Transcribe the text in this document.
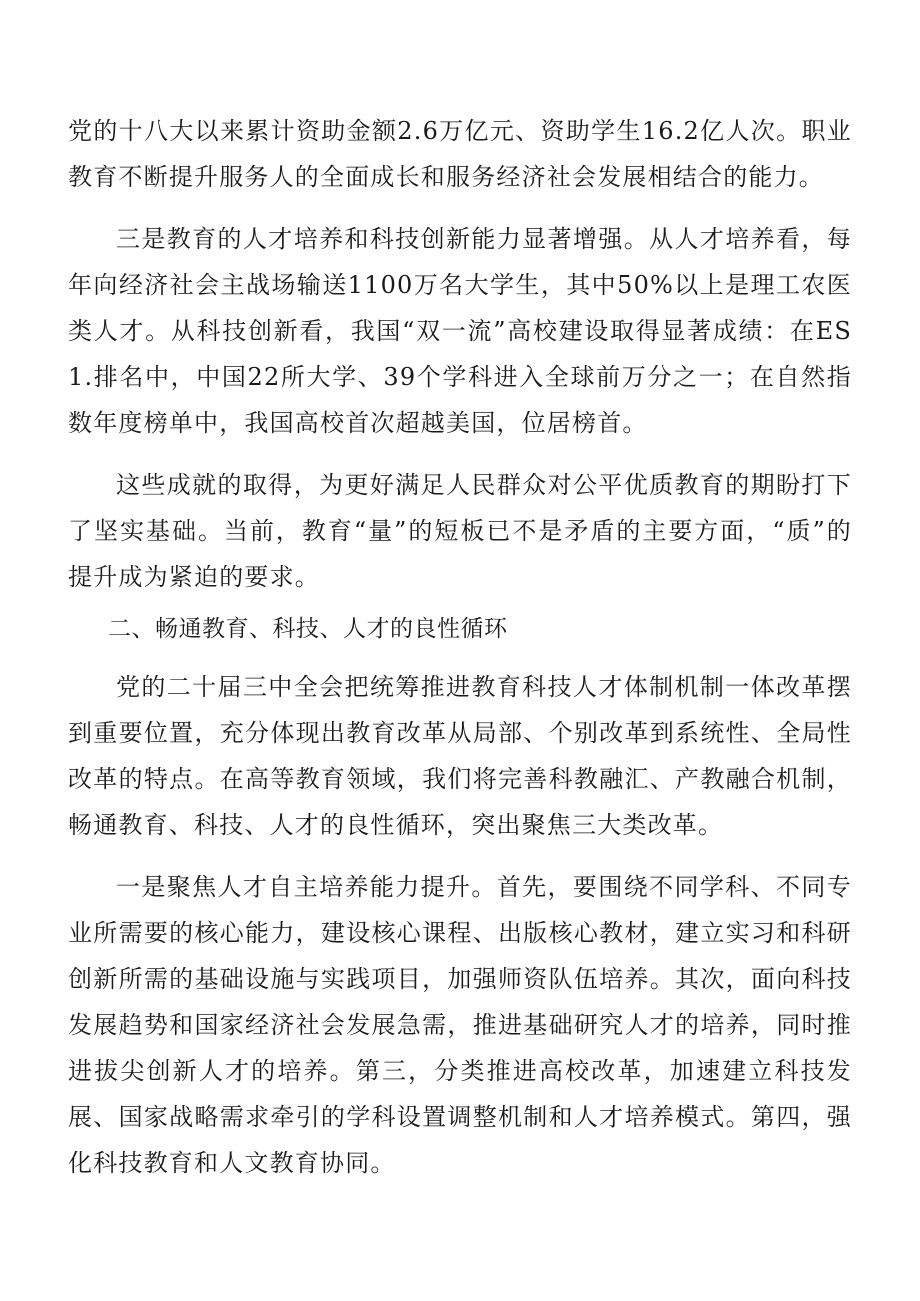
党的十八大以来累计资助金额2.6万亿元、资助学生16.2亿人次。职业教育不断提升服务人的全面成长和服务经济社会发展相结合的能力。

三是教育的人才培养和科技创新能力显著增强。从人才培养看，每年向经济社会主战场输送1100万名大学生，其中50%以上是理工农医类人才。从科技创新看，我国“双一流”高校建设取得显著成绩：在ES1.排名中，中国22所大学、39个学科进入全球前万分之一；在自然指数年度榜单中，我国高校首次超越美国，位居榜首。

这些成就的取得，为更好满足人民群众对公平优质教育的期盼打下了坚实基础。当前，教育“量”的短板已不是矛盾的主要方面，“质”的提升成为紧迫的要求。

二、畅通教育、科技、人才的良性循环

党的二十届三中全会把统筹推进教育科技人才体制机制一体改革摆到重要位置，充分体现出教育改革从局部、个别改革到系统性、全局性改革的特点。在高等教育领域，我们将完善科教融汇、产教融合机制，畅通教育、科技、人才的良性循环，突出聚焦三大类改革。

一是聚焦人才自主培养能力提升。首先，要围绕不同学科、不同专业所需要的核心能力，建设核心课程、出版核心教材，建立实习和科研创新所需的基础设施与实践项目，加强师资队伍培养。其次，面向科技发展趋势和国家经济社会发展急需，推进基础研究人才的培养，同时推进拔尖创新人才的培养。第三，分类推进高校改革，加速建立科技发展、国家战略需求牵引的学科设置调整机制和人才培养模式。第四，强化科技教育和人文教育协同。
